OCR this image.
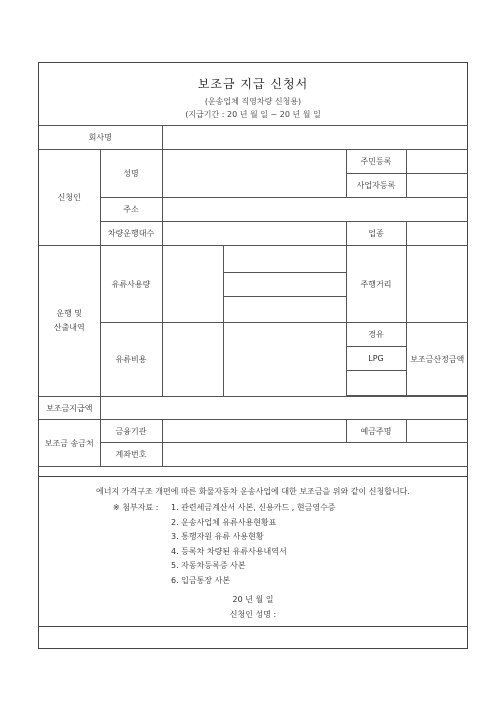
보조금 지급 신청서
(운송업체 직영차량 신청용)
(지급기간 : 20 년 월 일 ~ 20 년 월 일
회사명					
신청인	성명			주민등록	
				사업자등록	
	주소				
	차량운행대수			업종	
운행 및
산출내역	유류사용량			주행거리	

	유류비용			경유	보조금산정금액
				LPG	

보조금지급액					
보조금 송금처	금융기관			예금주명	
	계좌번호				
에너지 가격구조 개편에 따른 화물자동차 운송사업에 대한 보조금을 위와 같이 신청합니다.
※ 첨부자료 :	1. 관련세금계산서 사본, 신용카드 , 현금영수증
2. 운송사업체 유류사용현황표
3. 통행자원 유류 사용현황
4. 등록차 차량된 유류사용내역서
5. 자동차등록증 사본
6. 입금통장 사본
20 년 월 일
신청인 성명 :
